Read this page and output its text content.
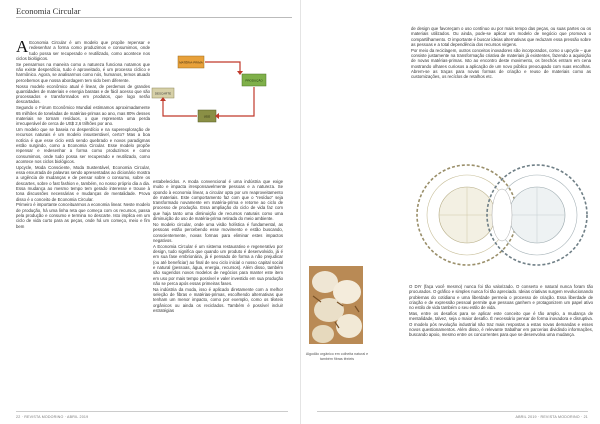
Economia Circular

A Economia Circular é um modelo que propõe repensar e redesenhar a forma como produzimos e consumimos, onde tudo possa ser recuperado e reutilizado, como acontece nos ciclos biológicos.

Se pensarmos na maneira como a natureza funciona notamos que não existe desperdício, tudo é aproveitado, é um processo cíclico e harmônico. Agora, se analisarmos como nós, humanos, temos atuado percebemos que nossa abordagem tem sido bem diferente.

Nosso modelo econômico atual é linear, de perdemos de grandes quantidades de materiais e energia baratas e de fácil acesso que são processados e transformados em produtos, que logo serão descartados.

Segundo o Fórum Econômico Mundial estimamos aproximadamente 65 milhões de toneladas de matérias-primas ao ano, mas 80% desses materiais se tornam resíduos, o que representa uma perda irrecuperável de cerca de US$ 2,6 trilhões por ano.

Um modelo que se baseia no desperdício e na superexploração de recursos naturais é um modelo insustentável, certo? Mas a boa notícia é que esse ciclo está sendo quebrado e novos paradigmas estão surgindo, como a Economia Circular. Esse modelo propõe repensar e redesenhar a forma como produzimos e como consumimos, onde tudo possa ser recuperado e reutilizado, como acontece nos ciclos biológicos.

Upcycle, Moda Consciente, Moda Sustentável, Economia Circular, essa enxurrada de palavras sendo apresentadas ao dicionário mostra a urgência de mudanças e de pensar sobre o consumo, sobre os descartes, sobre o fast fashion e, também, no nosso próprio dia a dia. Essa mudança ao mesmo tempo tem gerado interesse e trouxe à tona discussões necessárias e mudanças de mentalidade. Prova disso é o conceito de Economia Circular.

Primeiro é importante conceituarmos a economia linear. Neste modelo de produção, há uma linha reta que começa com os recursos, passa pela produção e consumo e termina no descarte. Isto implica em um ciclo de vida curto para as peças, onde há um começo, meio e fim bem

MATÉRIA-PRIMA
PRODUÇÃO
USO
DESCARTE

estabelecidos. A moda convencional é uma indústria que exige muito e impacta irresponsavelmente pessoas e a natureza. Se opondo à economia linear, a circular opta por um reaproveitamento de materiais. Este comportamento faz com que o “resíduo” seja transformado novamente em matéria-prima e retorne ao ciclo de processo de produção. Essa ampliação do ciclo de vida faz com que haja tanto uma diminuição de recursos naturais como uma diminuição do uso de matéria-prima retirada do meio ambiente.

No modelo circular, onde uma visão holística é fundamental, as pessoas estão percebendo esse movimento e estão buscando, conscientemente, novas formas para eliminar estes impactos negativos.

A Economia Circular é um sistema restaurativo e regenerativo por design, tudo significa que quando um produto é desenvolvido, já é em sua fase embrionária, já é pensado de forma a não prejudicar (ou até beneficiar) ao final de seu ciclo inicial o nosso capital social e natural (pessoas, água, energia, recursos). Além disso, também são sugeridos novos modelos de negócios para manter este item em uso por mais tempo possível e valer investido em sua produção não se perca após essas primeiras fases.

Na indústria da moda, isso é aplicado diretamente com a melhor seleção de fibras e matérias-primas, escolhendo alternativas que tenham um menor impacto, como por exemplo, como os têxteis orgânicos ou ainda os reciclados. Também é possível incluir estratégias

22 · REVISTA MODORINO · ABRIL 2019

de design que favoreçam o uso contínuo ou por mais tempo das peças, ou suas partes ou os materiais utilizados. Ou ainda, pode-se aplicar um modelo de negócio que promova o compartilhamento. O importante é buscar ideias alternativas que reduzam essa pressão sobre as pessoas e a total dependência dos recursos virgens.

Por meio da reciclagem, outros conceitos inovadores são incorporados, como o upcycle – que consiste justamente na transformação criativa de materiais já existentes, fazendo a aquisição de novas matérias-primas. Isto ao encontro deste movimento, os brechós entram em cena mostrando olhares curiosos a aplicação de um novo público preocupado com suas escolhas. Abrem-se as traças para novas formas de criação e reuso de materiais como as customizações, os recíclos de retalhos etc.

Algodão orgânico em colheita natural e também fibras têxteis

O DIY (faça você mesmo) nunca foi tão valorizado. O conserto e natural nunca foram tão procurados. O gráfico e simples nunca foi tão apreciado. Ideias criativas surgem revolucionando problemas do cotidiano e uma liberdade permeia o processo de criação. Essa liberdade de criação e de expressão pessoal permite que pessoas ganhem e protagonizem um papel ativo no estilo de vida também o seu estilo de vida.

Mas, entre os desafios para se aplicar este conceito que é tão amplo, a mudança de mentalidade, talvez, seja o maior desafio. É necessário pensar de forma inovadora e disruptiva. O modelo pós revolução industrial não traz mais respostas a estas novas demandas e esses novos questionamentos. Além disso, é relevante trabalhar em parcerias dividindo informações, buscando apoio, mesmo entre os concorrentes para que se desenvolva uma mudança.

ABRIL 2019 · REVISTA MODORINO · 21
